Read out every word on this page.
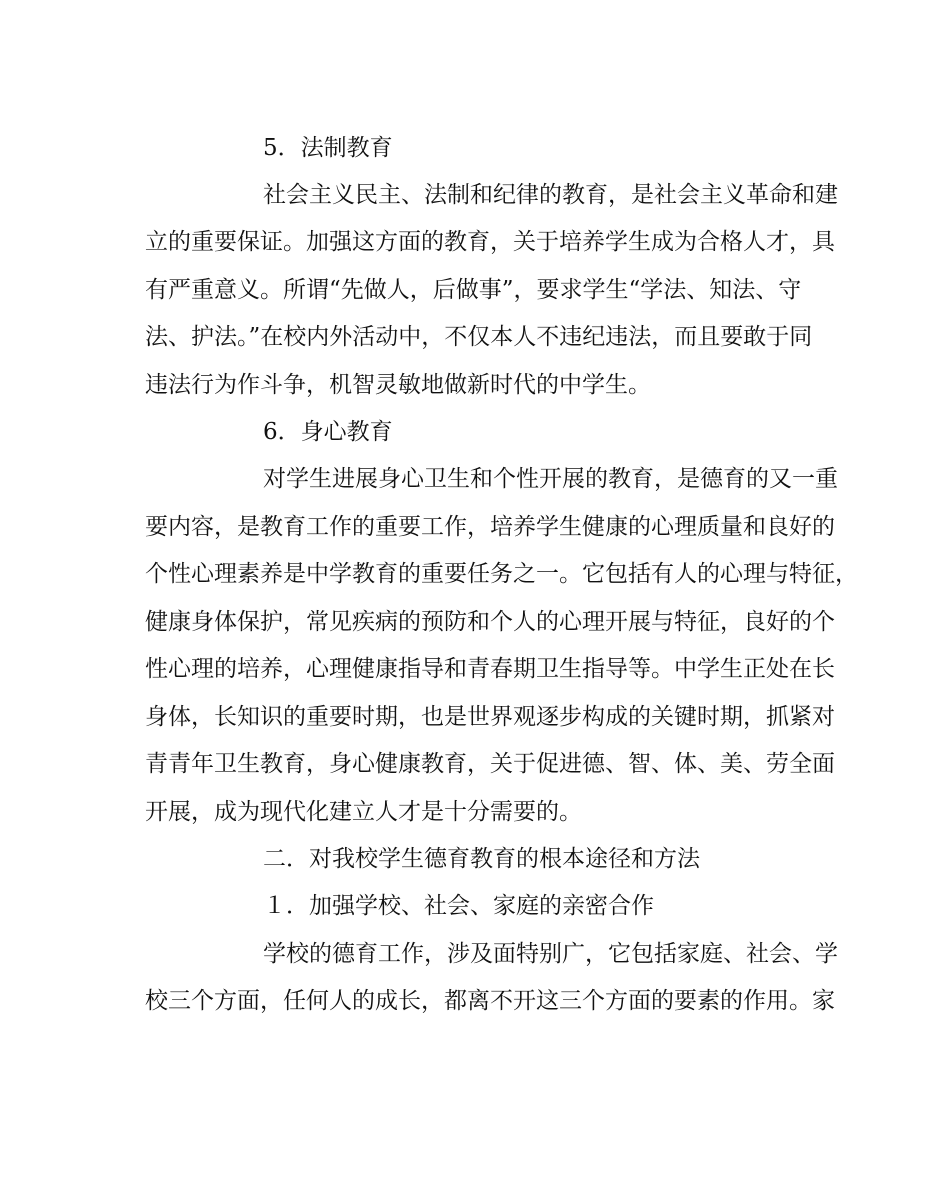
5．法制教育
社会主义民主、法制和纪律的教育，是社会主义革命和建
立的重要保证。加强这方面的教育，关于培养学生成为合格人才，具
有严重意义。所谓“先做人，后做事”，要求学生“学法、知法、守
法、护法。”在校内外活动中，不仅本人不违纪违法，而且要敢于同
违法行为作斗争，机智灵敏地做新时代的中学生。
6．身心教育
对学生进展身心卫生和个性开展的教育，是德育的又一重
要内容，是教育工作的重要工作，培养学生健康的心理质量和良好的
个性心理素养是中学教育的重要任务之一。它包括有人的心理与特征，
健康身体保护，常见疾病的预防和个人的心理开展与特征，良好的个
性心理的培养，心理健康指导和青春期卫生指导等。中学生正处在长
身体，长知识的重要时期，也是世界观逐步构成的关键时期，抓紧对
青青年卫生教育，身心健康教育，关于促进德、智、体、美、劳全面
开展，成为现代化建立人才是十分需要的。
二．对我校学生德育教育的根本途径和方法
１．加强学校、社会、家庭的亲密合作
学校的德育工作，涉及面特别广，它包括家庭、社会、学
校三个方面，任何人的成长，都离不开这三个方面的要素的作用。家
